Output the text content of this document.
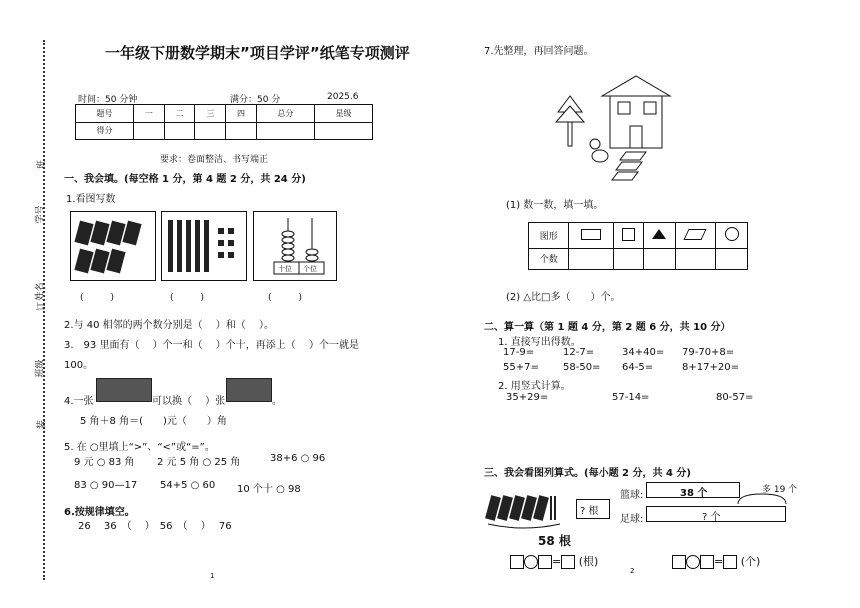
班
学号
姓名
订
班级
装
一年级下册数学期末”项目学评”纸笔专项测评
时间：50 分钟	满分：50 分	2025.6
题号	一	二	三	四	总分	星级
得分						
要求：卷面整洁、书写端正
一、我会填。(每空格 1 分，第 4 题 2 分，共 24 分)
1.看图写数
十位 个位
(　　　)	(　　　)	(　　　)
2.与 40 相邻的两个数分别是（　 ）和（　 ）。
3.　93 里面有（　 ）个一和（　 ）个十，再添上（　 ）个一就是
100。
4.一张	可以换（　 ）张	。
5 角＋8 角＝(　　)元（　　）角
5. 在 ○里填上“>”、“<”或“=”。
9 元 ○ 83 角 2 元 5 角 ○ 25 角	38+6 ○ 96
83 ○ 90—17 54+5 ○ 60 10 个十 ○ 98
6.按规律填空。
26　 36　（　 ）　56　（　 ）　 76
1
7.先整理，再回答问题。
(1) 数一数，填一填。
图形					
个数					
(2) △比□多（　　）个。
二、算一算（第 1 题 4 分，第 2 题 6 分，共 10 分）
1. 直接写出得数。
17-9=	12-7=	34+40= 79-70+8=
55+7= 58-50= 64-5=	8+17+20=
2. 用竖式计算。
35+29=	57-14=	80-57=
三、我会看图列算式。(每小题 2 分，共 4 分)
? 根
58 根
= (根)
篮球:	38 个	多 19 个
足球:	? 个
= (个)
2
